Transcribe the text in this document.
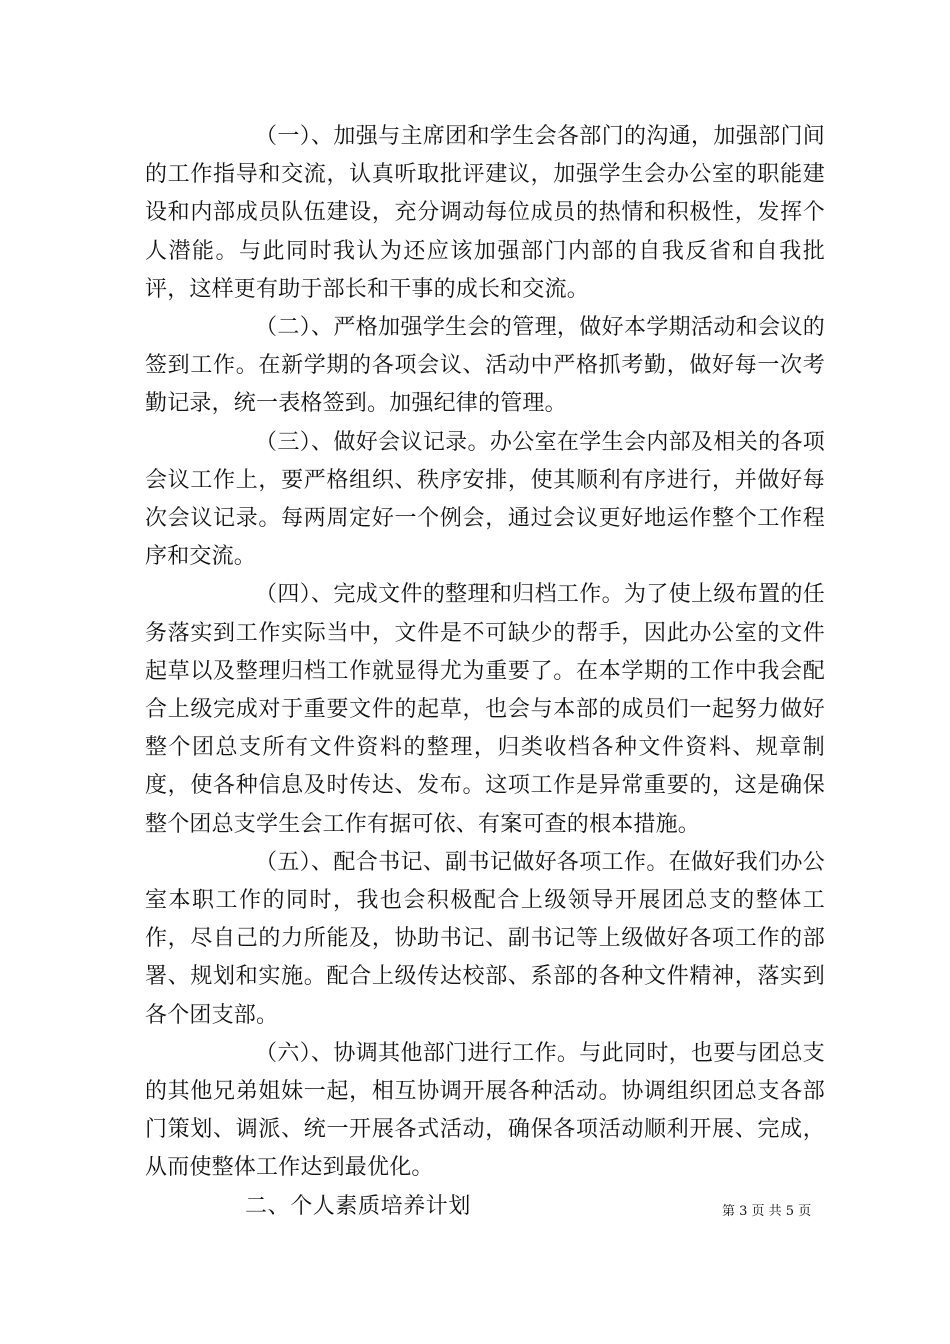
（一）、加强与主席团和学生会各部门的沟通，加强部门间的工作指导和交流，认真听取批评建议，加强学生会办公室的职能建设和内部成员队伍建设，充分调动每位成员的热情和积极性，发挥个人潜能。与此同时我认为还应该加强部门内部的自我反省和自我批评，这样更有助于部长和干事的成长和交流。

（二）、严格加强学生会的管理，做好本学期活动和会议的签到工作。在新学期的各项会议、活动中严格抓考勤，做好每一次考勤记录，统一表格签到。加强纪律的管理。

（三）、做好会议记录。办公室在学生会内部及相关的各项会议工作上，要严格组织、秩序安排，使其顺利有序进行，并做好每次会议记录。每两周定好一个例会，通过会议更好地运作整个工作程序和交流。

（四）、完成文件的整理和归档工作。为了使上级布置的任务落实到工作实际当中，文件是不可缺少的帮手，因此办公室的文件起草以及整理归档工作就显得尤为重要了。在本学期的工作中我会配合上级完成对于重要文件的起草，也会与本部的成员们一起努力做好整个团总支所有文件资料的整理，归类收档各种文件资料、规章制度，使各种信息及时传达、发布。这项工作是异常重要的，这是确保整个团总支学生会工作有据可依、有案可查的根本措施。

（五）、配合书记、副书记做好各项工作。在做好我们办公室本职工作的同时，我也会积极配合上级领导开展团总支的整体工作，尽自己的力所能及，协助书记、副书记等上级做好各项工作的部署、规划和实施。配合上级传达校部、系部的各种文件精神，落实到各个团支部。

（六）、协调其他部门进行工作。与此同时，也要与团总支的其他兄弟姐妹一起，相互协调开展各种活动。协调组织团总支各部门策划、调派、统一开展各式活动，确保各项活动顺利开展、完成，从而使整体工作达到最优化。

二、个人素质培养计划	第 3 页 共 5 页
